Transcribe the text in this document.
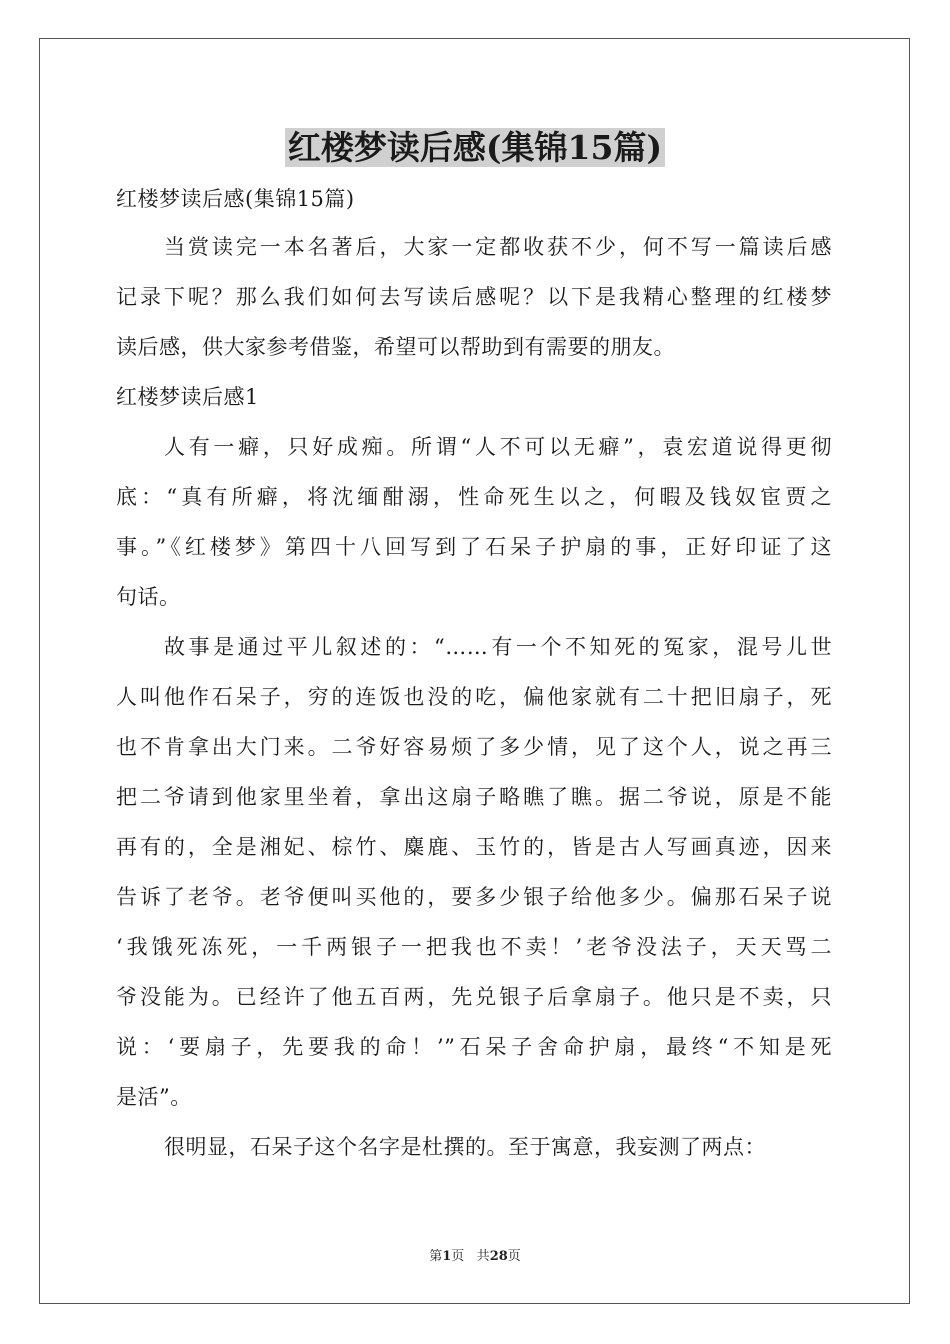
红楼梦读后感(集锦15篇)
红楼梦读后感(集锦15篇)
当赏读完一本名著后，大家一定都收获不少，何不写一篇读后感
记录下呢？那么我们如何去写读后感呢？以下是我精心整理的红楼梦
读后感，供大家参考借鉴，希望可以帮助到有需要的朋友。
红楼梦读后感1
人有一癖，只好成痴。所谓“人不可以无癖”，袁宏道说得更彻
底：“真有所癖，将沈缅酣溺，性命死生以之，何暇及钱奴宦贾之
事。”《红楼梦》第四十八回写到了石呆子护扇的事，正好印证了这
句话。
故事是通过平儿叙述的：“……有一个不知死的冤家，混号儿世
人叫他作石呆子，穷的连饭也没的吃，偏他家就有二十把旧扇子，死
也不肯拿出大门来。二爷好容易烦了多少情，见了这个人，说之再三
把二爷请到他家里坐着，拿出这扇子略瞧了瞧。据二爷说，原是不能
再有的，全是湘妃、棕竹、麋鹿、玉竹的，皆是古人写画真迹，因来
告诉了老爷。老爷便叫买他的，要多少银子给他多少。偏那石呆子说
‘我饿死冻死，一千两银子一把我也不卖！’老爷没法子，天天骂二
爷没能为。已经许了他五百两，先兑银子后拿扇子。他只是不卖，只
说：‘要扇子，先要我的命！’”石呆子舍命护扇，最终“不知是死
是活”。
很明显，石呆子这个名字是杜撰的。至于寓意，我妄测了两点：
第1页 共28页
